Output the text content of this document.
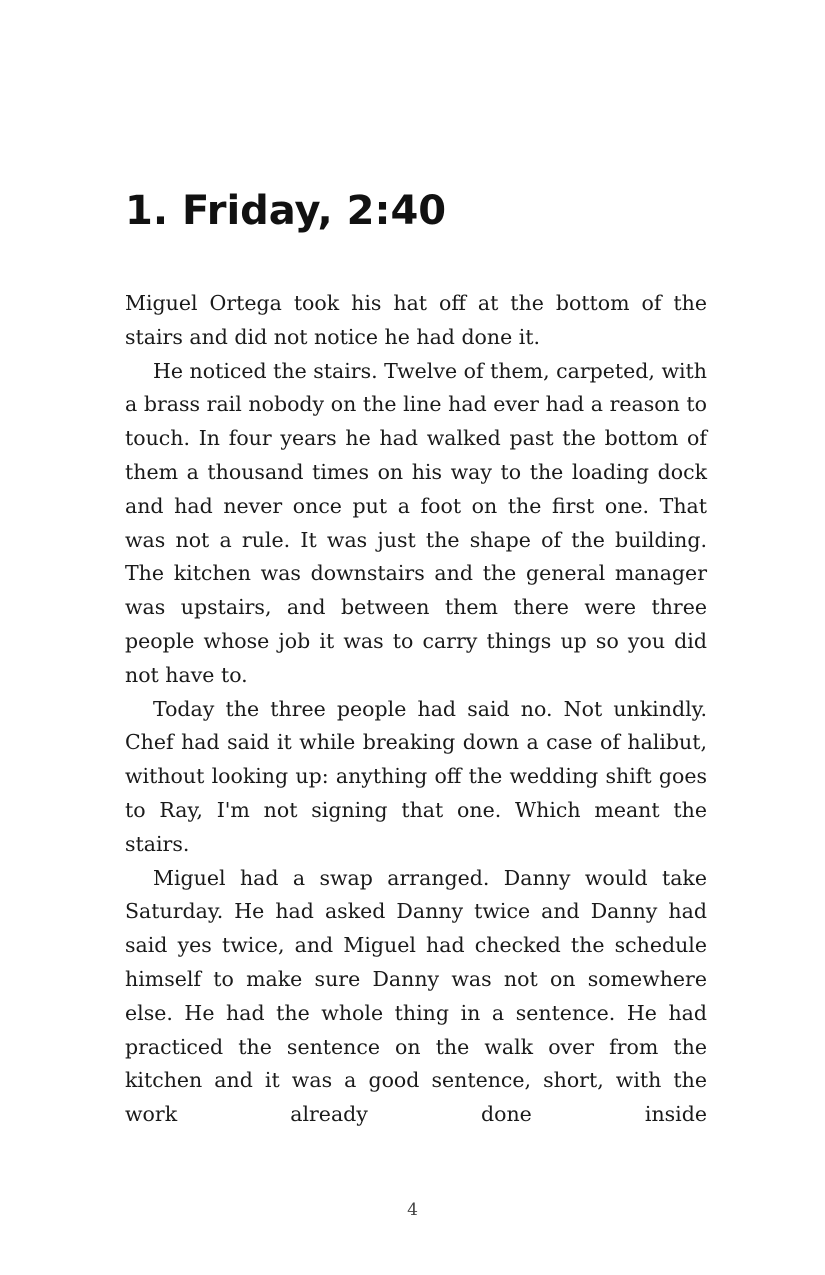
1. Friday, 2:40

Miguel Ortega took his hat off at the bottom of the stairs and did not notice he had done it.

He noticed the stairs. Twelve of them, carpeted, with a brass rail nobody on the line had ever had a reason to touch. In four years he had walked past the bottom of them a thousand times on his way to the loading dock and had never once put a foot on the first one. That was not a rule. It was just the shape of the building. The kitchen was downstairs and the general manager was upstairs, and between them there were three people whose job it was to carry things up so you did not have to.

Today the three people had said no. Not unkindly. Chef had said it while breaking down a case of halibut, without looking up: anything off the wedding shift goes to Ray, I'm not signing that one. Which meant the stairs.

Miguel had a swap arranged. Danny would take Saturday. He had asked Danny twice and Danny had said yes twice, and Miguel had checked the schedule himself to make sure Danny was not on somewhere else. He had the whole thing in a sentence. He had practiced the sentence on the walk over from the kitchen and it was a good sentence, short, with the work already done inside

4
